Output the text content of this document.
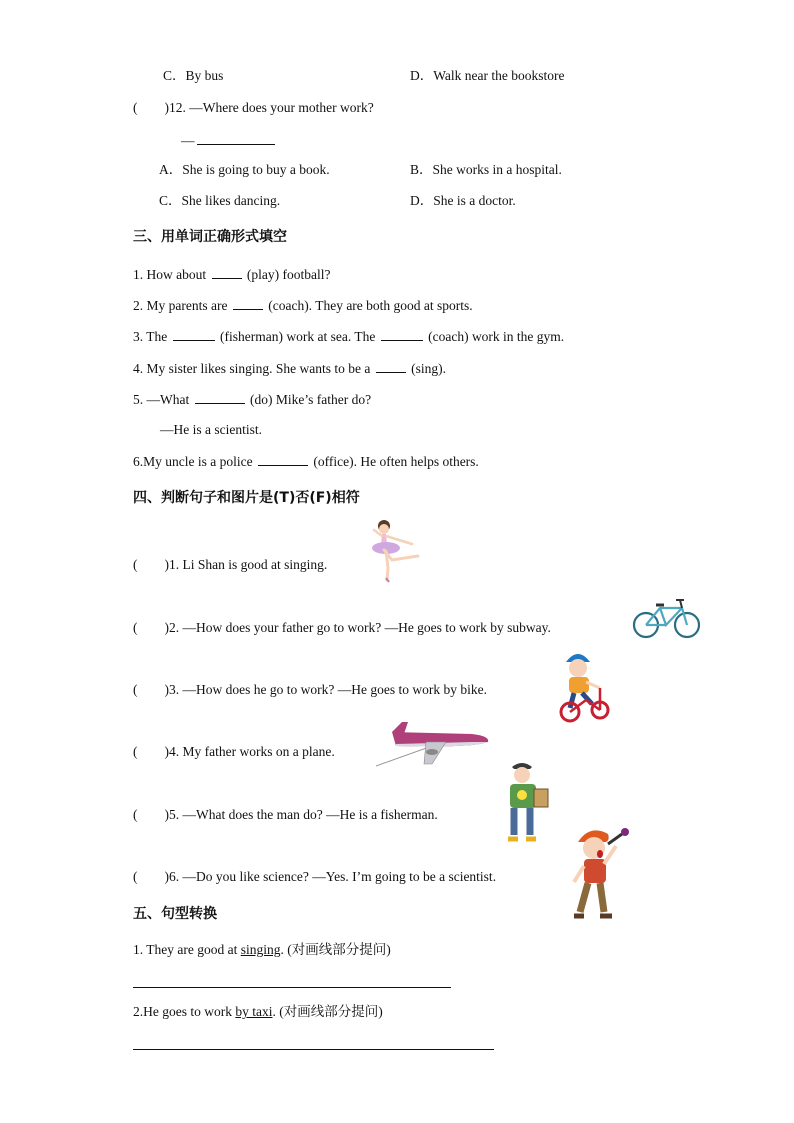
C．By bus	D．Walk near the bookstore
(　　)12. —Where does your mother work?
—
A．She is going to buy a book.	B．She works in a hospital.
C．She likes dancing.	D．She is a doctor.
三、用单词正确形式填空
1. How about	(play) football?
2. My parents are	(coach). They are both good at sports.
3. The	(fisherman) work at sea. The	(coach) work in the gym.
4. My sister likes singing. She wants to be a	(sing).
5. —What	(do) Mike’s father do?
—He is a scientist.
6.My uncle is a police	(office). He often helps others.
四、判断句子和图片是(T)否(F)相符
(　　)1. Li Shan is good at singing.
(　　)2. —How does your father go to work? —He goes to work by subway.
(　　)3. —How does he go to work? —He goes to work by bike.
(　　)4. My father works on a plane.
(　　)5. —What does the man do? —He is a fisherman.
(　　)6. —Do you like science? —Yes. I’m going to be a scientist.
五、句型转换
1. They are good at singing. (对画线部分提问)
2.He goes to work by taxi. (对画线部分提问)
